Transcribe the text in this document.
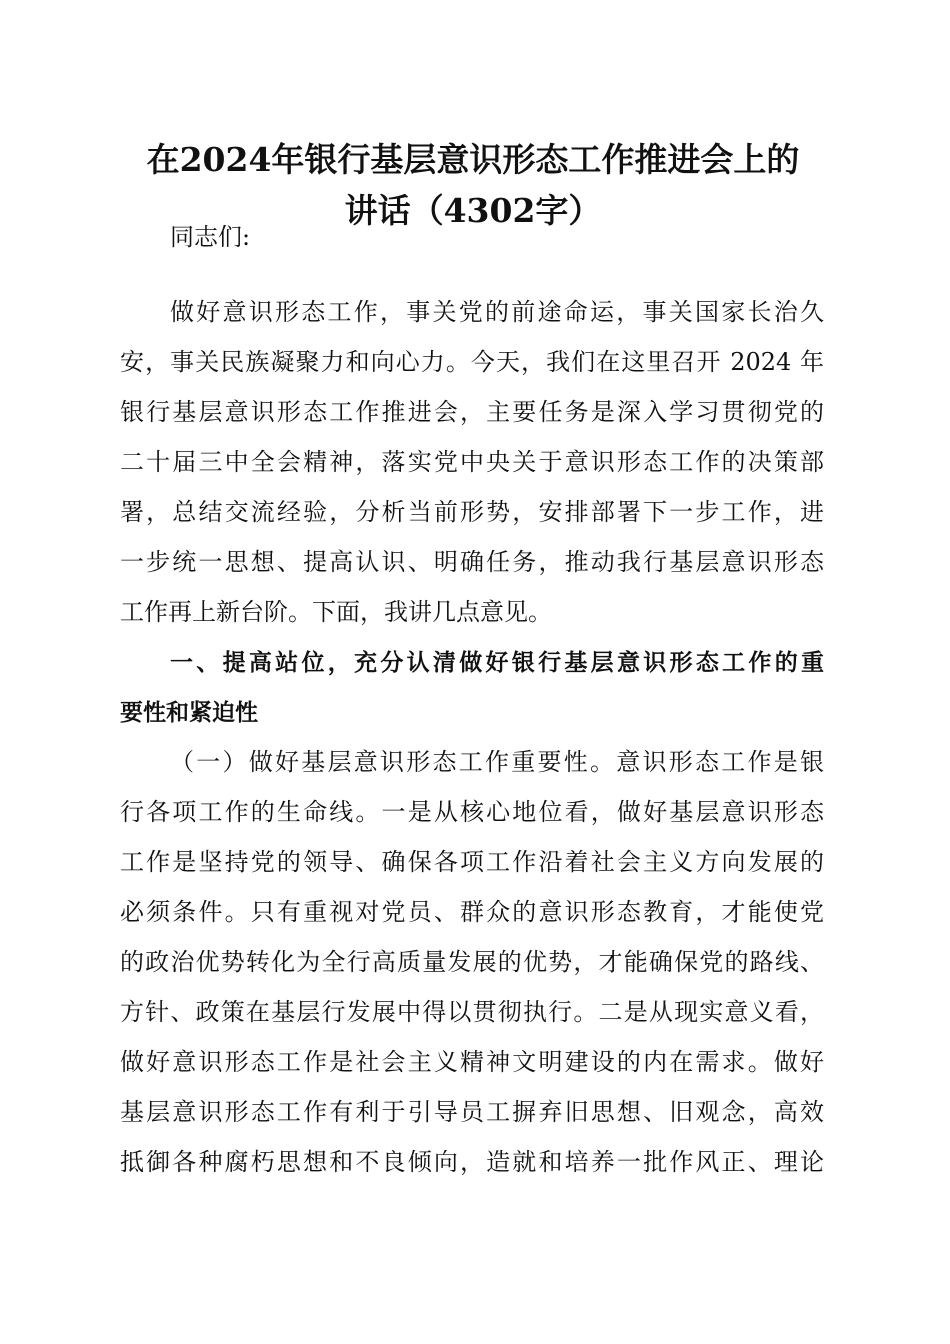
在2024年银行基层意识形态工作推进会上的
讲话（4302字）
同志们:
做好意识形态工作，事关党的前途命运，事关国家长治久
安，事关民族凝聚力和向心力。今天，我们在这里召开 2024 年
银行基层意识形态工作推进会，主要任务是深入学习贯彻党的
二十届三中全会精神，落实党中央关于意识形态工作的决策部
署，总结交流经验，分析当前形势，安排部署下一步工作，进
一步统一思想、提高认识、明确任务，推动我行基层意识形态
工作再上新台阶。下面，我讲几点意见。
一、提高站位，充分认清做好银行基层意识形态工作的重
要性和紧迫性
（一）做好基层意识形态工作重要性。意识形态工作是银
行各项工作的生命线。一是从核心地位看，做好基层意识形态
工作是坚持党的领导、确保各项工作沿着社会主义方向发展的
必须条件。只有重视对党员、群众的意识形态教育，才能使党
的政治优势转化为全行高质量发展的优势，才能确保党的路线、
方针、政策在基层行发展中得以贯彻执行。二是从现实意义看，
做好意识形态工作是社会主义精神文明建设的内在需求。做好
基层意识形态工作有利于引导员工摒弃旧思想、旧观念，高效
抵御各种腐朽思想和不良倾向，造就和培养一批作风正、理论
